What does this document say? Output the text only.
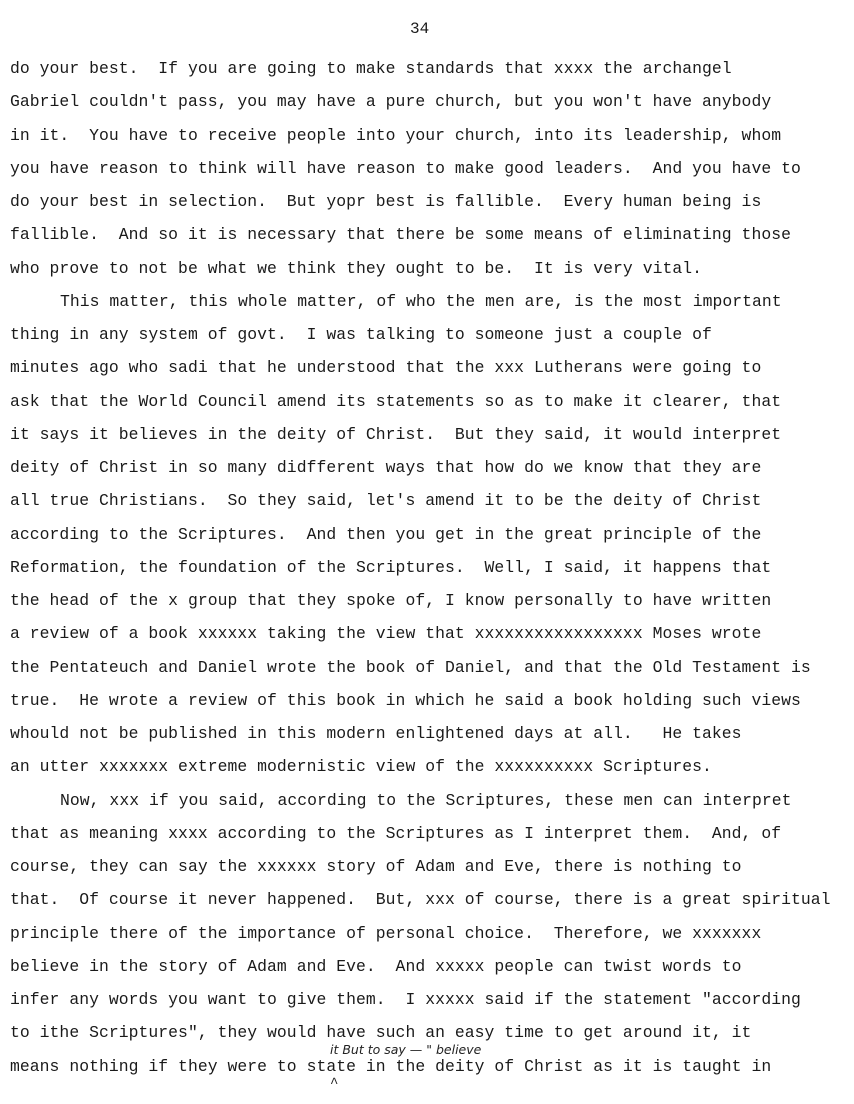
34
do your best.  If you are going to make standards that xxxx the archangel
Gabriel couldn't pass, you may have a pure church, but you won't have anybody
in it.  You have to receive people into your church, into its leadership, whom
you have reason to think will have reason to make good leaders.  And you have to
do your best in selection.  But yopr best is fallible.  Every human being is
fallible.  And so it is necessary that there be some means of eliminating those
who prove to not be what we think they ought to be.  It is very vital.
This matter, this whole matter, of who the men are, is the most important
thing in any system of govt.  I was talking to someone just a couple of
minutes ago who sadi that he understood that the xxx Lutherans were going to
ask that the World Council amend its statements so as to make it clearer, that
it says it believes in the deity of Christ.  But they said, it would interpret
deity of Christ in so many didfferent ways that how do we know that they are
all true Christians.  So they said, let's amend it to be the deity of Christ
according to the Scriptures.  And then you get in the great principle of the
Reformation, the foundation of the Scriptures.  Well, I said, it happens that
the head of the x group that they spoke of, I know personally to have written
a review of a book xxxxxx taking the view that xxxxxxxxxxxxxxxxx Moses wrote
the Pentateuch and Daniel wrote the book of Daniel, and that the Old Testament is
true.  He wrote a review of this book in which he said a book holding such views
whould not be published in this modern enlightened days at all.   He takes
an utter xxxxxxx extreme modernistic view of the xxxxxxxxxx Scriptures.
Now, xxx if you said, according to the Scriptures, these men can interpret
that as meaning xxxx according to the Scriptures as I interpret them.  And, of
course, they can say the xxxxxx story of Adam and Eve, there is nothing to
that.  Of course it never happened.  But, xxx of course, there is a great spiritual
principle there of the importance of personal choice.  Therefore, we xxxxxxx
believe in the story of Adam and Eve.  And xxxxx people can twist words to
infer any words you want to give them.  I xxxxx said if the statement "according
to ithe Scriptures", they would have such an easy time to get around it, it
means nothing if they were to state in the deity of Christ as it is taught in
it But to say — " believe
^
